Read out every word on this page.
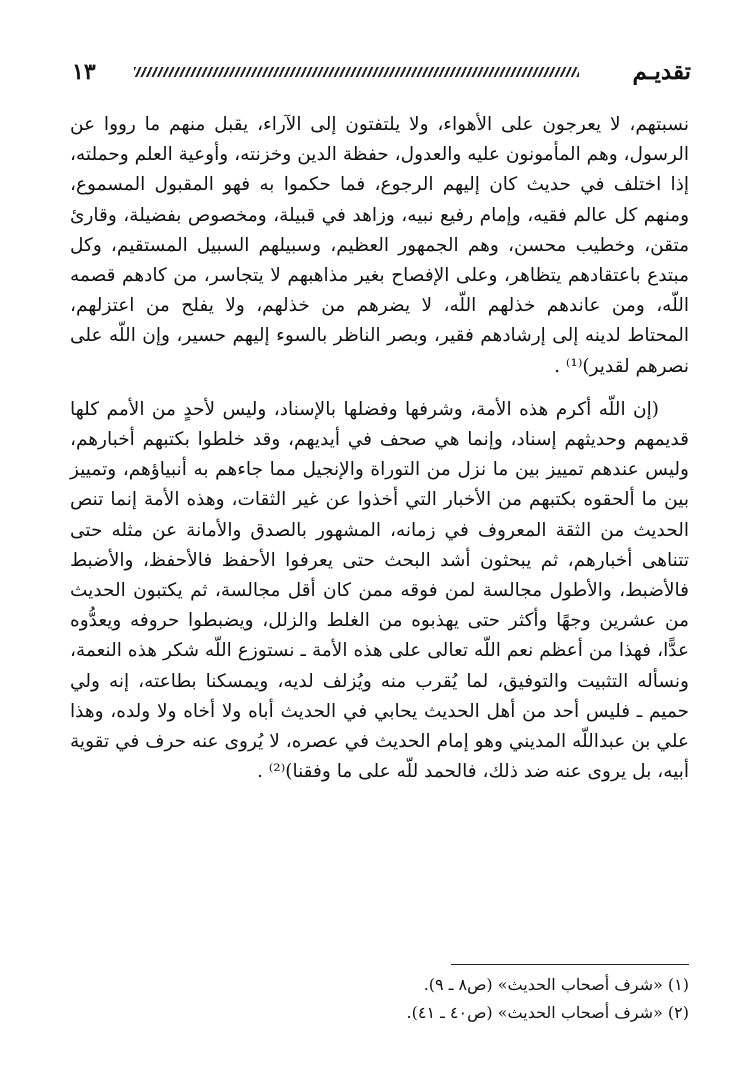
تقديـم
١٣

نسبتهم، لا يعرجون على الأهواء، ولا يلتفتون إلى الآراء، يقبل منهم ما رووا عن الرسول، وهم المأمونون عليه والعدول، حفظة الدين وخزنته، وأوعية العلم وحملته، إذا اختلف في حديث كان إليهم الرجوع، فما حكموا به فهو المقبول المسموع، ومنهم كل عالم فقيه، وإمام رفيع نبيه، وزاهد في قبيلة، ومخصوص بفضيلة، وقارئ متقن، وخطيب محسن، وهم الجمهور العظيم، وسبيلهم السبيل المستقيم، وكل مبتدع باعتقادهم يتظاهر، وعلى الإفصاح بغير مذاهبهم لا يتجاسر، من كادهم قصمه اللّه، ومن عاندهم خذلهم اللّه، لا يضرهم من خذلهم، ولا يفلح من اعتزلهم، المحتاط لدينه إلى إرشادهم فقير، وبصر الناظر بالسوء إليهم حسير، وإن اللّه على نصرهم لقدير)⁽¹⁾ .

(إن اللّه أكرم هذه الأمة، وشرفها وفضلها بالإسناد، وليس لأحدٍ من الأمم كلها قديمهم وحديثهم إسناد، وإنما هي صحف في أيديهم، وقد خلطوا بكتبهم أخبارهم، وليس عندهم تمييز بين ما نزل من التوراة والإنجيل مما جاءهم به أنبياؤهم، وتمييز بين ما ألحقوه بكتبهم من الأخبار التي أخذوا عن غير الثقات، وهذه الأمة إنما تنص الحديث من الثقة المعروف في زمانه، المشهور بالصدق والأمانة عن مثله حتى تتناهى أخبارهم، ثم يبحثون أشد البحث حتى يعرفوا الأحفظ فالأحفظ، والأضبط فالأضبط، والأطول مجالسة لمن فوقه ممن كان أقل مجالسة، ثم يكتبون الحديث من عشرين وجهًا وأكثر حتى يهذبوه من الغلط والزلل، ويضبطوا حروفه ويعدُّوه عدًّا، فهذا من أعظم نعم اللّه تعالى على هذه الأمة ـ نستوزع اللّه شكر هذه النعمة، ونسأله التثبيت والتوفيق، لما يُقرب منه ويُزلف لديه، ويمسكنا بطاعته، إنه ولي حميم ـ فليس أحد من أهل الحديث يحابي في الحديث أباه ولا أخاه ولا ولده، وهذا علي بن عبداللّه المديني وهو إمام الحديث في عصره، لا يُروى عنه حرف في تقوية أبيه، بل يروى عنه ضد ذلك، فالحمد للّه على ما وفقنا)⁽²⁾ .

(١) «شرف أصحاب الحديث» (ص٨ ـ ٩).
(٢) «شرف أصحاب الحديث» (ص٤٠ ـ ٤١).
